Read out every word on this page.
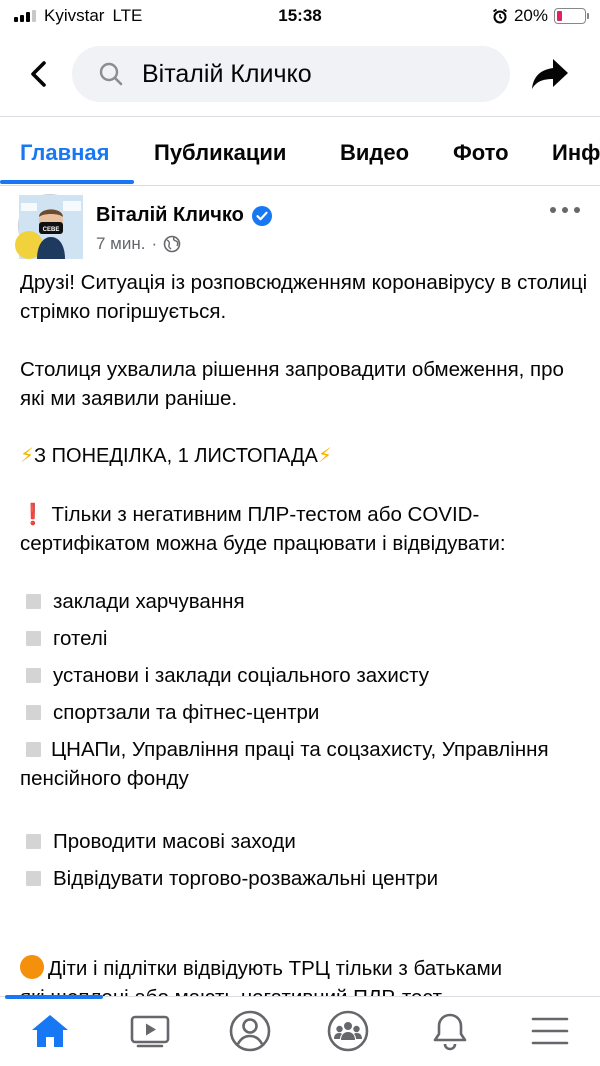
Kyivstar LTE	15:38	20%
Віталій Кличко
Главная Публикации Видео Фото Инф
CEBE
Віталій Кличко
7 мин. ·
Друзі! Ситуація із розповсюдженням коронавірусу в столиці стрімко погіршується.
Столиця ухвалила рішення запровадити обмеження, про які ми заявили раніше.
⚡З ПОНЕДІЛКА, 1 ЛИСТОПАДА⚡
❗ Тільки з негативним ПЛР-тестом або COVID-сертифікатом можна буде працювати і відвідувати:
заклади харчування
готелі
установи і заклади соціального захисту
спортзали та фітнес-центри
ЦНАПи, Управління праці та соцзахисту, Управління пенсійного фонду
Проводити масові заходи
Відвідувати торгово-розважальні центри
Діти і підлітки відвідують ТРЦ тільки з батьками
